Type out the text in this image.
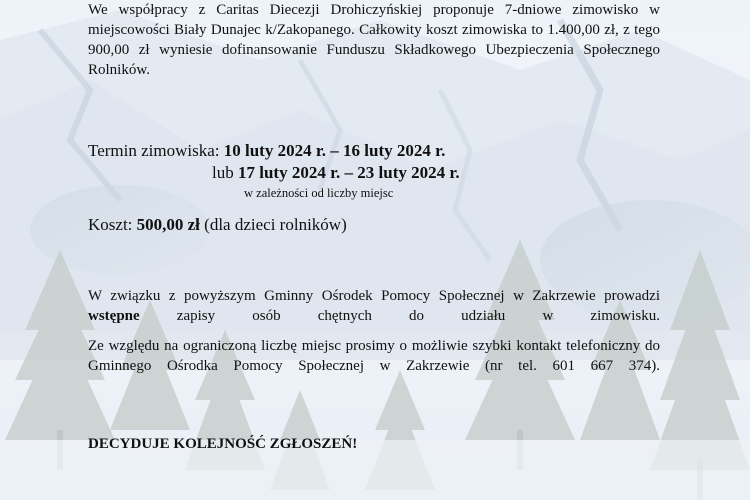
We współpracy z Caritas Diecezji Drohiczyńskiej proponuje 7-dniowe zimowisko w miejscowości Biały Dunajec k/Zakopanego. Całkowity koszt zimowiska to 1.400,00 zł, z tego 900,00 zł wyniesie dofinansowanie Funduszu Składkowego Ubezpieczenia Społecznego Rolników.
Termin zimowiska: 10 luty 2024 r. – 16 luty 2024 r.
lub 17 luty 2024 r. – 23 luty 2024 r.
w zależności od liczby miejsc
Koszt: 500,00 zł (dla dzieci rolników)
W związku z powyższym Gminny Ośrodek Pomocy Społecznej w Zakrzewie prowadzi wstępne zapisy osób chętnych do udziału w zimowisku.
Ze względu na ograniczoną liczbę miejsc prosimy o możliwie szybki kontakt telefoniczny do Gminnego Ośrodka Pomocy Społecznej w Zakrzewie (nr tel. 601 667 374).
DECYDUJE KOLEJNOŚĆ ZGŁOSZEŃ!
